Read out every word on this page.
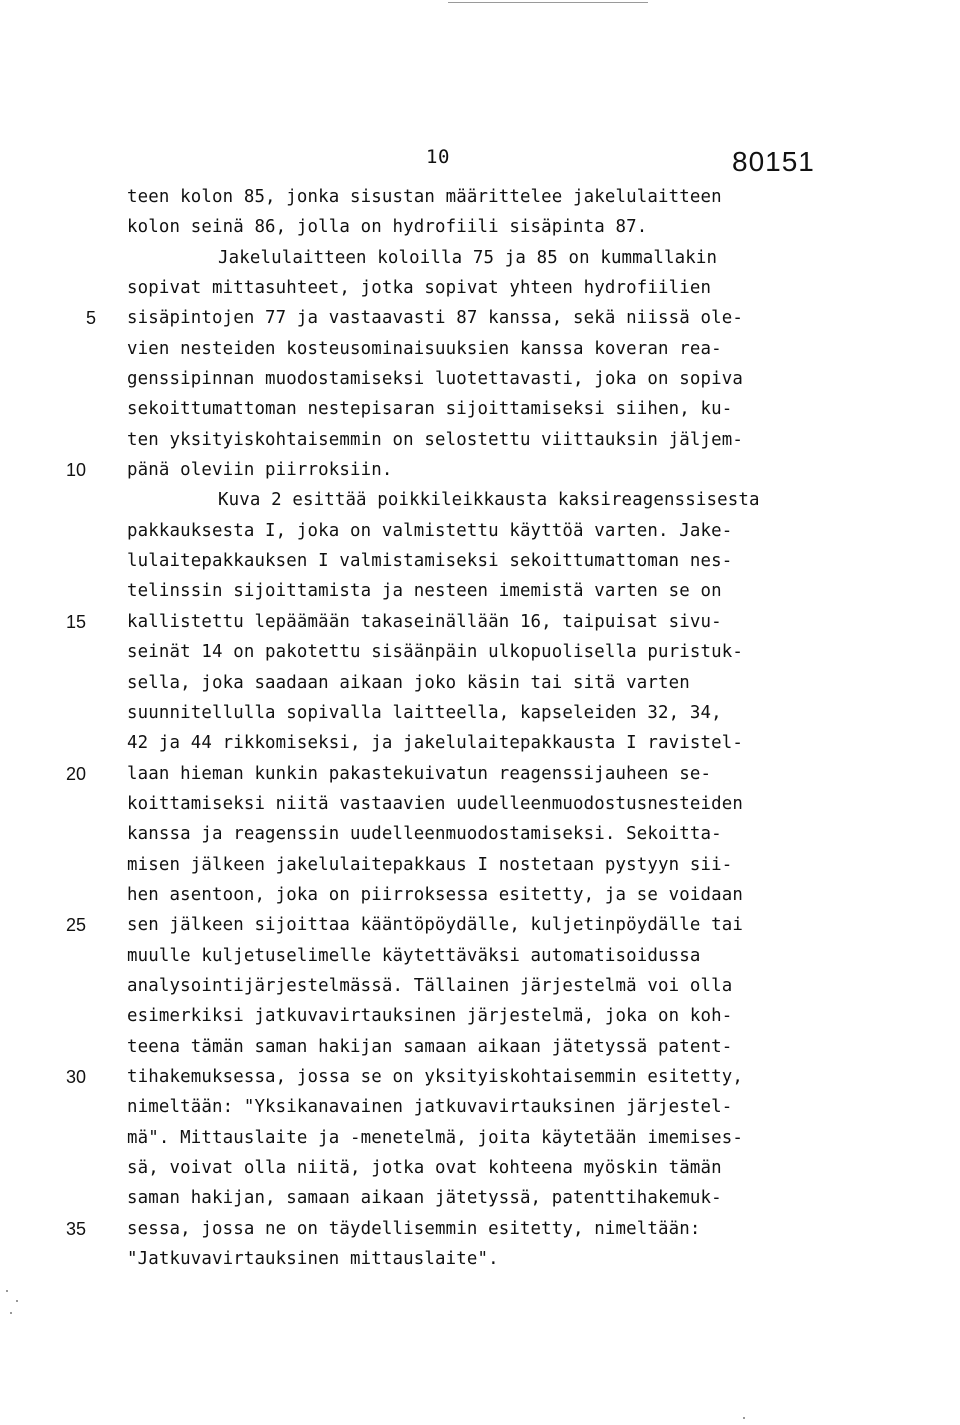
10	80151
teen kolon 85, jonka sisustan määrittelee jakelulaitteen
kolon seinä 86, jolla on hydrofiili sisäpinta 87.
Jakelulaitteen koloilla 75 ja 85 on kummallakin
sopivat mittasuhteet, jotka sopivat yhteen hydrofiilien
5 sisäpintojen 77 ja vastaavasti 87 kanssa, sekä niissä ole-
vien nesteiden kosteusominaisuuksien kanssa koveran rea-
genssipinnan muodostamiseksi luotettavasti, joka on sopiva
sekoittumattoman nestepisaran sijoittamiseksi siihen, ku-
ten yksityiskohtaisemmin on selostettu viittauksin jäljem-
10 pänä oleviin piirroksiin.
Kuva 2 esittää poikkileikkausta kaksireagenssisesta
pakkauksesta I, joka on valmistettu käyttöä varten. Jake-
lulaitepakkauksen I valmistamiseksi sekoittumattoman nes-
telinssin sijoittamista ja nesteen imemistä varten se on
15 kallistettu lepäämään takaseinällään 16, taipuisat sivu-
seinät 14 on pakotettu sisäänpäin ulkopuolisella puristuk-
sella, joka saadaan aikaan joko käsin tai sitä varten
suunnitellulla sopivalla laitteella, kapseleiden 32, 34,
42 ja 44 rikkomiseksi, ja jakelulaitepakkausta I ravistel-
20 laan hieman kunkin pakastekuivatun reagenssijauheen se-
koittamiseksi niitä vastaavien uudelleenmuodostusnesteiden
kanssa ja reagenssin uudelleenmuodostamiseksi. Sekoitta-
misen jälkeen jakelulaitepakkaus I nostetaan pystyyn sii-
hen asentoon, joka on piirroksessa esitetty, ja se voidaan
25 sen jälkeen sijoittaa kääntöpöydälle, kuljetinpöydälle tai
muulle kuljetuselimelle käytettäväksi automatisoidussa
analysointijärjestelmässä. Tällainen järjestelmä voi olla
esimerkiksi jatkuvavirtauksinen järjestelmä, joka on koh-
teena tämän saman hakijan samaan aikaan jätetyssä patent-
30 tihakemuksessa, jossa se on yksityiskohtaisemmin esitetty,
nimeltään: "Yksikanavainen jatkuvavirtauksinen järjestel-
mä". Mittauslaite ja -menetelmä, joita käytetään imemises-
sä, voivat olla niitä, jotka ovat kohteena myöskin tämän
saman hakijan, samaan aikaan jätetyssä, patenttihakemuk-
35 sessa, jossa ne on täydellisemmin esitetty, nimeltään:
"Jatkuvavirtauksinen mittauslaite".
